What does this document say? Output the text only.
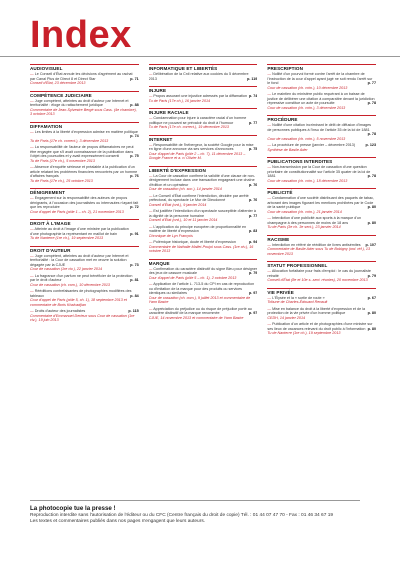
Index
AUDIOVISUEL
— Le Conseil d'État annule les décisions d'agrément au rachat par Canal Plus de Direct 8 et Direct Star	p. 71
Conseil d'État, 23 décembre 2013
COMPÉTENCE JUDICIAIRE
— Juge compétent, atteintes au droit d'auteur par Internet et territorialité : éloge du rattachement juridique	p. 88
Commentaire de Jean-Sylvestre Bergé sous Cass. (4e chambre), 3 octobre 2013
DIFFAMATION
— Les limites à la liberté d'expression admise en matière politique
p. 74
Tu de Paris (17e ch. correct.), 3 décembre 2013
— La responsabilité de l'auteur de propos diffamatoires ne peut être engagée que s'il avait connaissance de la publication dans l'objet des poursuites et y avait expressément consenti	p. 75
Tu de Paris (17e ch.), 5 novembre 2013
— Absence d'enquête sérieuse et préalable à la publication d'un article relatant les problèmes financiers rencontrés par un homme d'affaires français	p. 76
Tu de Paris (17e ch.), 25 octobre 2013
DÉNIGREMENT
— Engagement sur la responsabilité des auteurs de propos dénigrants, à l'occasion des journalistes ou internautes n'ayant fait que les reproduire	p. 72
Cour d'appel de Paris (pôle 1 – ch. 2), 21 novembre 2013
DROIT À L'IMAGE
— Atteinte au droit à l'image d'une ministre par la publication d'une photographie la représentant en maillot de bain	p. 91
Tu de Nanterre (1re ch.), 19 septembre 2013
DROIT D'AUTEUR
— Juge compétent, atteintes au droit d'auteur par Internet et territorialité : la Cour de cassation met en œuvre la solution dégagée par la CJUE	p. 73
Cour de cassation (1re civ.), 22 janvier 2014
— La fragrance d'un parfum ne peut bénéficier de la protection par le droit d'auteur	p. 81
Cour de cassation (ch. com.), 10 décembre 2013
— Rééditions contrefaisantes de photographies modifiées des tableaux	p. 84
Cour d'appel de Paris (pôle 5, ch. 1), 18 septembre 2013 et commentaire de Boris Khalvadjian
— Droits d'auteur des journalistes	p. 115
Commentaire d'Emmanuel Derieux sous Cour de cassation (1re civ.), 19 juin 2013
INFORMATIQUE ET LIBERTÉS
— Délibération de la Cnil relative aux cookies du 5 décembre 2013	p. 119
INJURE
— Propos assurant une injustice adressés par la diffamation p. 74
Tu de Paris (17e ch.), 16 janvier 2014
INJURE RACIALE
— Condamnation pour injure à caractère racial d'un homme politique ne pouvant se prévaloir du droit à l'humour	p. 77
Tu de Paris (17e ch. correct.), 19 décembre 2013
INTERNET
— Responsabilité de l'hébergeur, la société Google pour la mise en ligne d'une annonce via ses services d'annonces	p. 75
Cour d'appel de Paris (pôle 2 – ch. 7), 11 décembre 2013 – Google France et a. c/ Olivier M.
LIBERTÉ D'EXPRESSION
— La Cour de cassation confirme la validité d'une clause de non-dénigrement incluse dans une transaction engageant une chaîne d'édition et un opérateur	p. 76
Cour de cassation (ch. soc.), 14 janvier 2014
— Le Conseil d'État confirme l'interdiction, décidée par arrêté préfectoral, du spectacle Le Mur de Dieudonné	p. 76
Conseil d'État (ord.), 9 janvier 2014
— Est justifiée l'interdiction d'un spectacle susceptible d'attenter à la dignité de la personne humaine	p. 77
Conseil d'État (ord.), 10 et 11 janvier 2014
— L'application du principe européen de proportionnalité en matière de liberté d'expression	p. 83
Chronique de Lyn François
— Polémique historique, doute et liberté d'expression	p. 94
Commentaire de Nathalie Mallet-Poujol sous Cass. (1re civ.), 16 octobre 2013
MARQUE
— Confirmation du caractère distinctif du signe Bleu pour désigner des jeux de cassure musicale	p. 79
Cour d'appel de Paris (pôle 5 – ch. 1), 2 octobre 2013
— Application de l'article L. 713-5 du CPI en cas de reproduction ou d'imitation de la marque pour des produits ou services identiques ou similaires	p. 97
Cour de cassation (ch. com.), 9 juillet 2013 et commentaire de Yann Basire
— Appréciation du préjudice ou du risque de préjudice porté au caractère distinctif de la marque renommée	p. 97
CJUE, 14 novembre 2013 et commentaire de Yann Basire
PRESCRIPTION
— Nullité d'un pourvoi formé contre l'arrêt de la chambre de l'instruction de la cour d'appel ayant jugé ne soit rendu l'arrêt sur le fond	p. 77
Cour de cassation (ch. crim.), 10 décembre 2013
— Le maintien du ministère public requérant à un baisse de justice de délibérer une citation à comparaître devant la juridiction répressive constitue un acte de poursuite	p. 78
Cour de cassation (ch. crim.), 3 décembre 2013
PROCÉDURE
— Nullité d'une citation incriminant le délit de diffusion d'images de personnes publiques à l'insu de l'article 35 de la loi de 1881
p. 78
Cour de cassation (ch. crim.), 5 novembre 2013
— La procédure de presse (janvier – décembre 2013)	p. 123
Synthèse de Basile Ader
PUBLICATIONS INTERDITES
— Non-transmission par la Cour de cassation d'une question prioritaire de constitutionnalité sur l'article 35 quater de la loi de 1881	p. 78
Cour de cassation (ch. crim.), 18 décembre 2013
PUBLICITÉ
— Condamnation d'une société distribuant des paquets de tabac, arborant des images figurant les mentions prohibées par le Code de la santé publique	p. 80
Cour de cassation (ch. crim.), 21 janvier 2014
— Interdiction d'une publicité aux sports à la marque d'un champagne à des personnes de moins de 18 ans	p. 80
Tu de Paris (3e ch. 3e sect.), 23 janvier 2014
RACISME
— Interdiction en référé de réédition de livres antisémites p. 107
Commentaire de Basile Ader sous Tu de Bobigny (ord. réf.), 13 novembre 2013
STATUT PROFESSIONNEL
— Allocation forfaitaire pour frais d'emploi : le cas du journaliste retraité	p. 79
Conseil d'État (8e et 10e s.-sect. réunies), 20 novembre 2013
VIE PRIVÉE
— L'Élysée et la « sortie de route »	p. 67
Tribune de Charles-Édouard Renault
— Mise en balance du droit à la liberté d'expression et de la protection de la vie privée d'un homme politique	p. 80
CEDH, 14 janvier 2014
— Publication d'un article et de photographies d'une ministre sur ses lieux de vacances relevant du droit public à l'information p. 80
Tu de Nanterre (1re ch.), 19 septembre 2013

La photocopie tue la presse !

Reproduction interdite sans l'autorisation de l'éditeur ou du CFC (Centre français du droit de copie) Tél. : 01 44 07 47 70 - Fax : 01 46 34 67 19

Les textes et commentaires publiés dans nos pages n'engagent que leurs auteurs.
